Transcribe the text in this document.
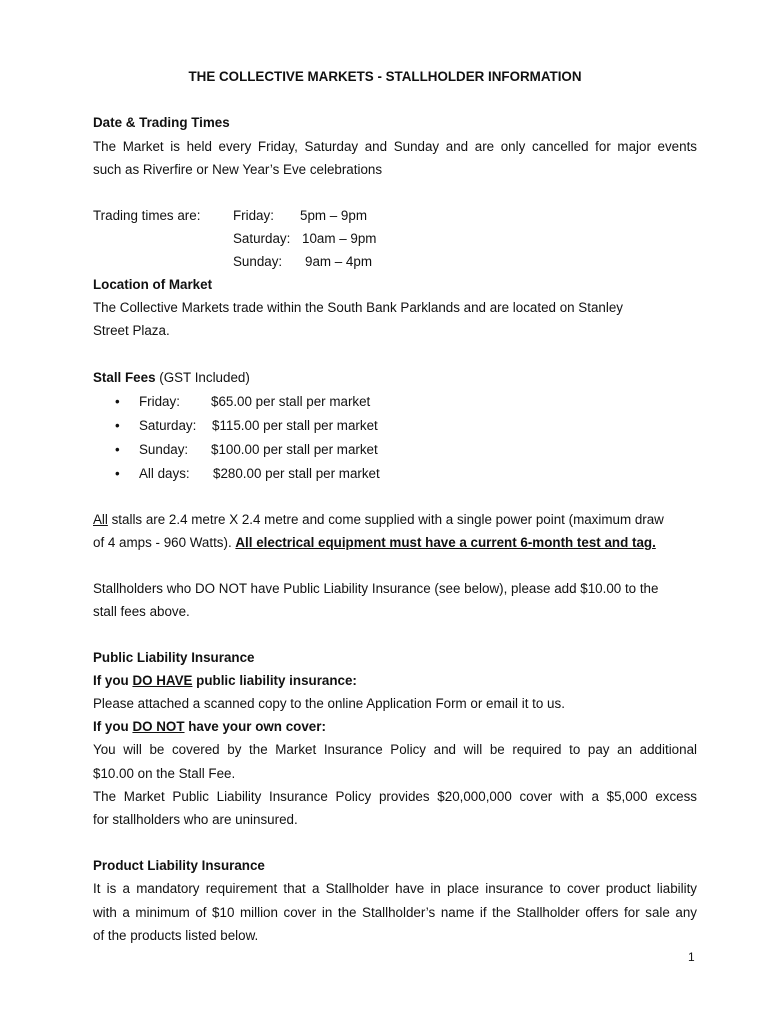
THE COLLECTIVE MARKETS - STALLHOLDER INFORMATION
Date & Trading Times
The Market is held every Friday, Saturday and Sunday and are only cancelled for major events
such as Riverfire or New Year’s Eve celebrations
Trading times are: Friday: 5pm – 9pm
Saturday: 10am – 9pm
Sunday: 9am – 4pm
Location of Market
The Collective Markets trade within the South Bank Parklands and are located on Stanley
Street Plaza.
Stall Fees (GST Included)
• Friday: $65.00 per stall per market
• Saturday: $115.00 per stall per market
• Sunday: $100.00 per stall per market
• All days: $280.00 per stall per market
All stalls are 2.4 metre X 2.4 metre and come supplied with a single power point (maximum draw
of 4 amps - 960 Watts). All electrical equipment must have a current 6-month test and tag.
Stallholders who DO NOT have Public Liability Insurance (see below), please add $10.00 to the
stall fees above.
Public Liability Insurance
If you DO HAVE public liability insurance:
Please attached a scanned copy to the online Application Form or email it to us.
If you DO NOT have your own cover:
You will be covered by the Market Insurance Policy and will be required to pay an additional
$10.00 on the Stall Fee.
The Market Public Liability Insurance Policy provides $20,000,000 cover with a $5,000 excess
for stallholders who are uninsured.
Product Liability Insurance
It is a mandatory requirement that a Stallholder have in place insurance to cover product liability
with a minimum of $10 million cover in the Stallholder’s name if the Stallholder offers for sale any
of the products listed below.
1
